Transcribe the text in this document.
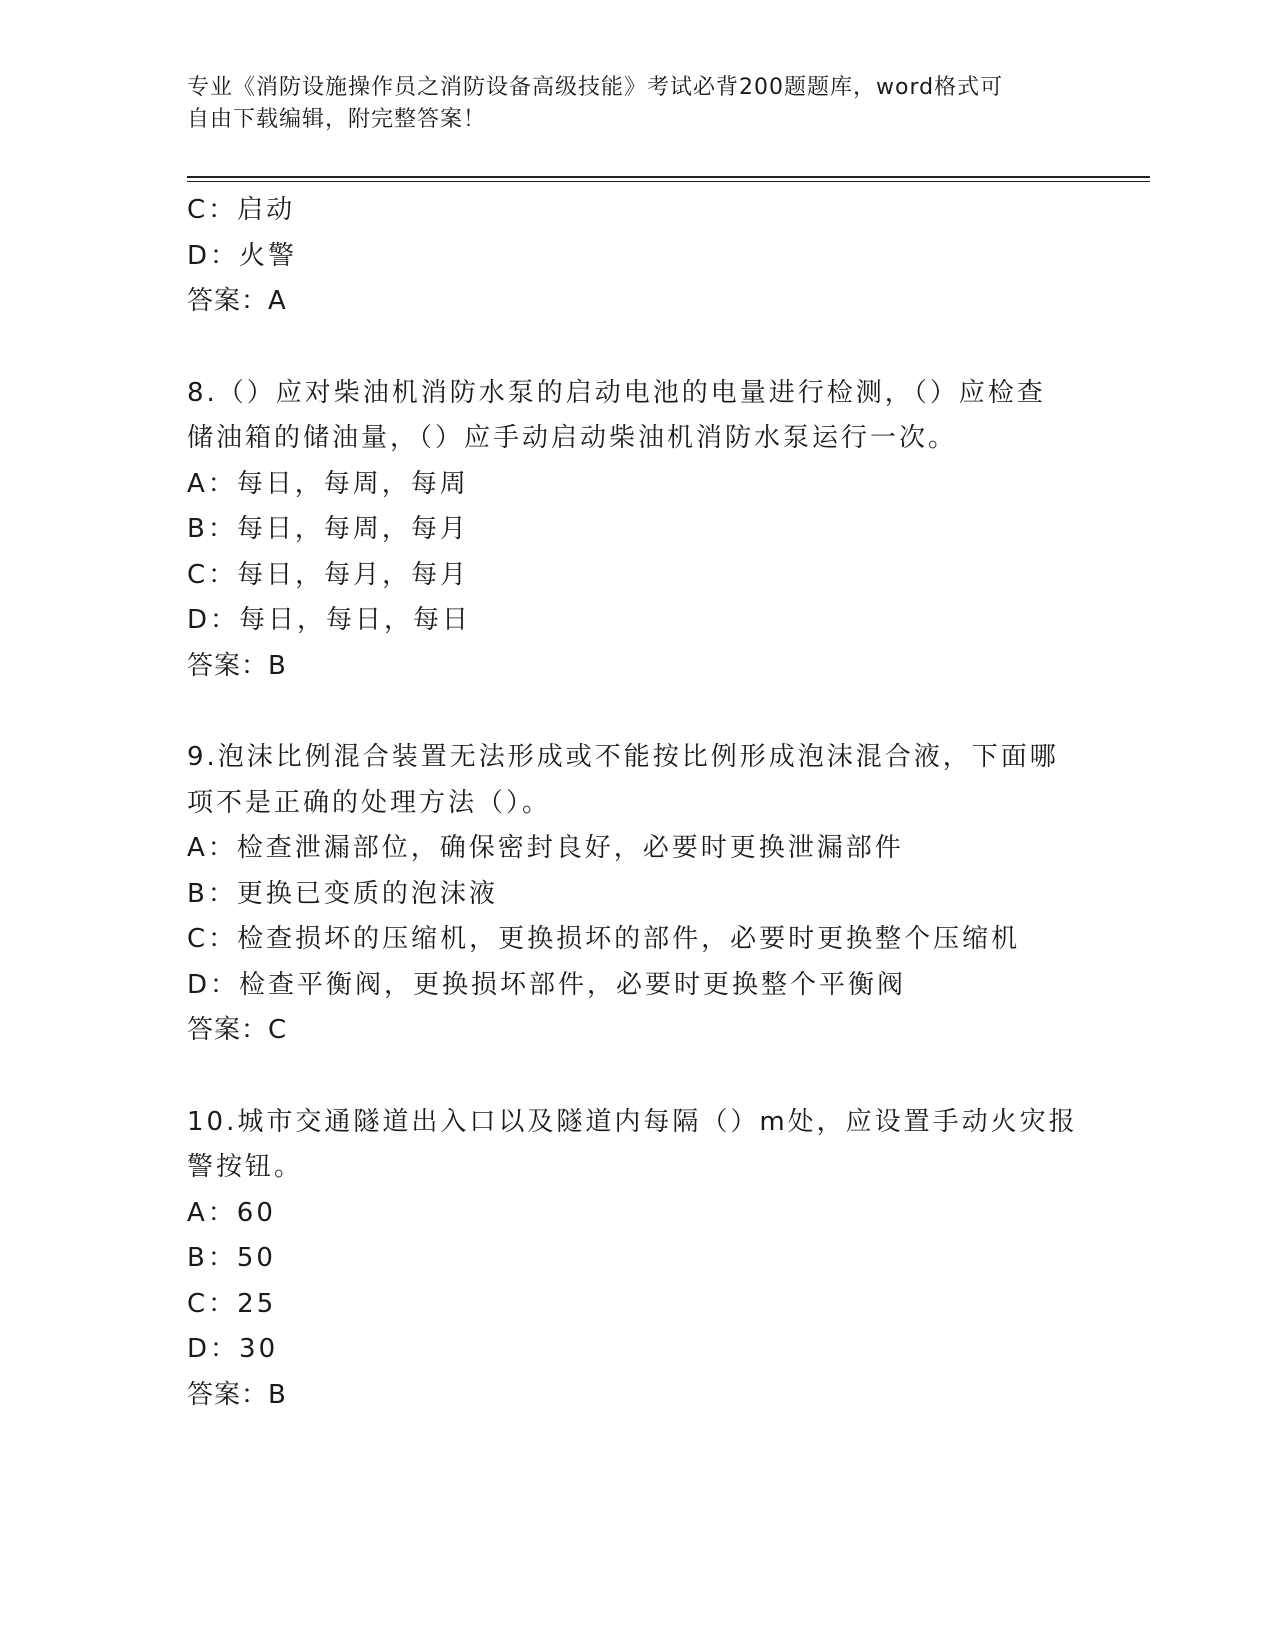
专业《消防设施操作员之消防设备高级技能》考试必背200题题库，word格式可
自由下载编辑，附完整答案！
C：启动
D：火警
答案：A
8.（）应对柴油机消防水泵的启动电池的电量进行检测，（）应检查
储油箱的储油量，（）应手动启动柴油机消防水泵运行一次。
A：每日，每周，每周
B：每日，每周，每月
C：每日，每月，每月
D：每日，每日，每日
答案：B
9.泡沫比例混合装置无法形成或不能按比例形成泡沫混合液，下面哪
项不是正确的处理方法（）。
A：检查泄漏部位，确保密封良好，必要时更换泄漏部件
B：更换已变质的泡沫液
C：检查损坏的压缩机，更换损坏的部件，必要时更换整个压缩机
D：检查平衡阀，更换损坏部件，必要时更换整个平衡阀
答案：C
10.城市交通隧道出入口以及隧道内每隔（）m处，应设置手动火灾报
警按钮。
A：60
B：50
C：25
D：30
答案：B
